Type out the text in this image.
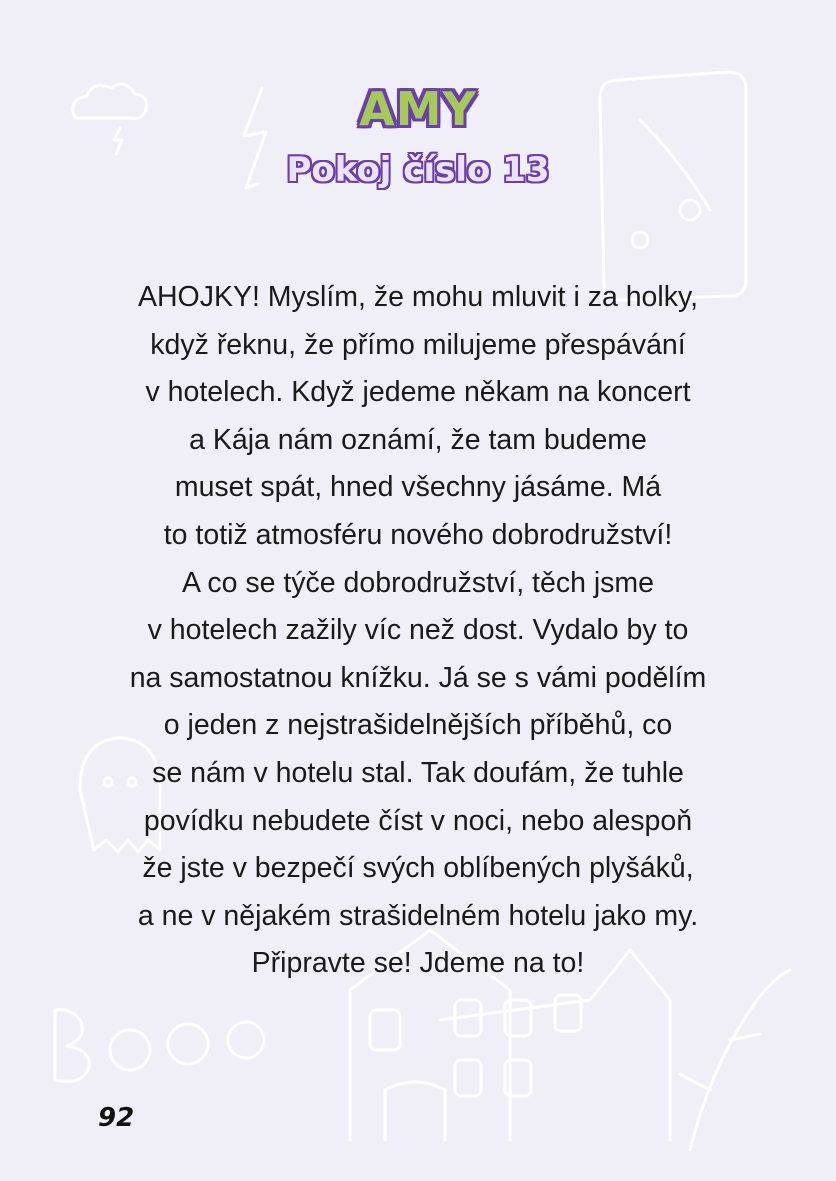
AMY
Pokoj číslo 13

AHOJKY! Myslím, že mohu mluvit i za holky,
když řeknu, že přímo milujeme přespávání
v hotelech. Když jedeme někam na koncert
a Kája nám oznámí, že tam budeme
muset spát, hned všechny jásáme. Má
to totiž atmosféru nového dobrodružství!
A co se týče dobrodružství, těch jsme
v hotelech zažily víc než dost. Vydalo by to
na samostatnou knížku. Já se s vámi podělím
o jeden z nejstrašidelnějších příběhů, co
se nám v hotelu stal. Tak doufám, že tuhle
povídku nebudete číst v noci, nebo alespoň
že jste v bezpečí svých oblíbených plyšáků,
a ne v nějakém strašidelném hotelu jako my.
Připravte se! Jdeme na to!

92
